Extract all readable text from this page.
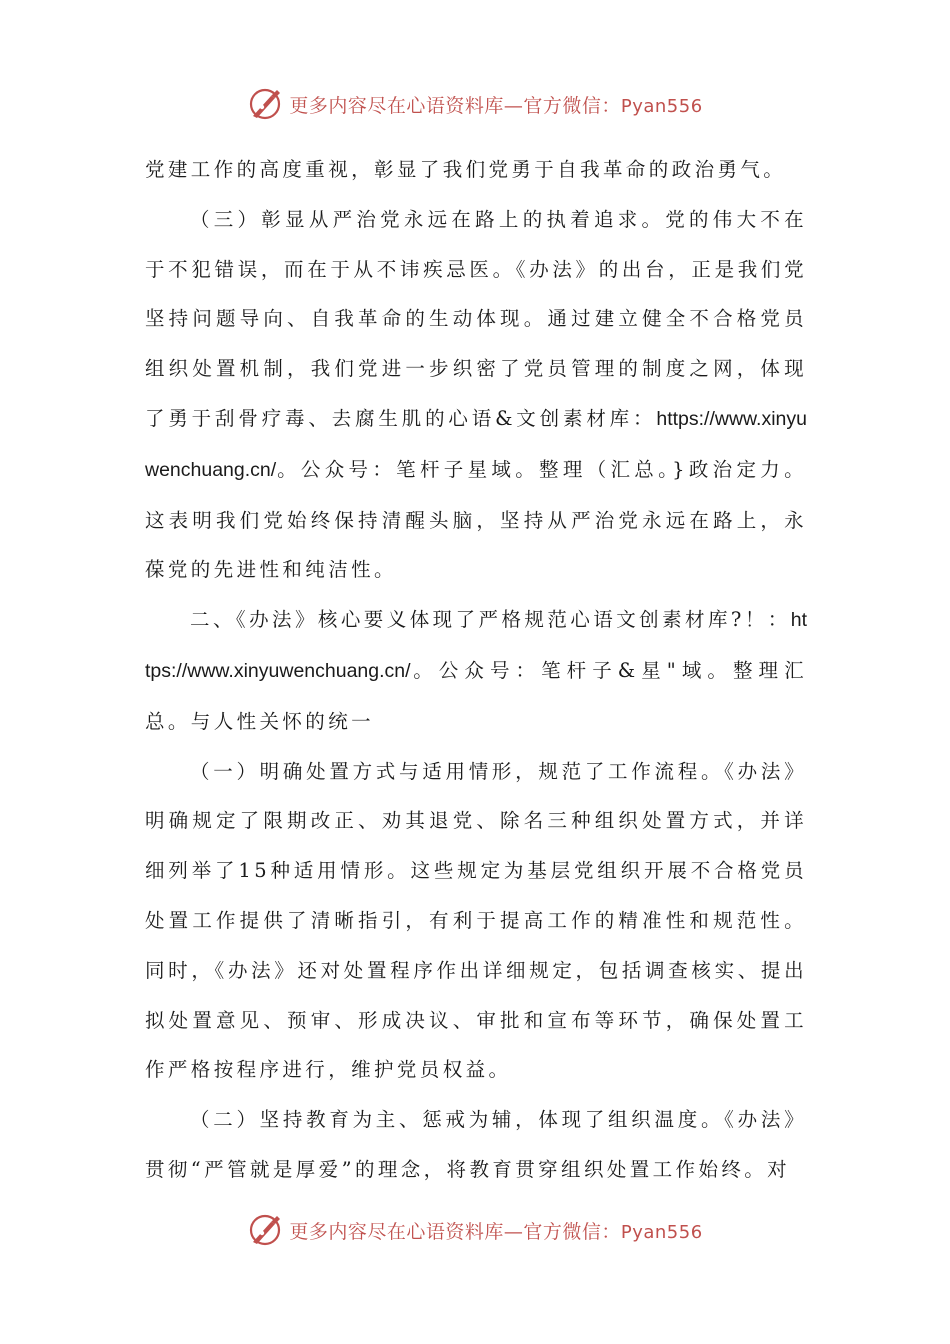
更多内容尽在心语资料库—官方微信：Pyan556

党建工作的高度重视，彰显了我们党勇于自我革命的政治勇气。

（三）彰显从严治党永远在路上的执着追求。党的伟大不在于不犯错误，而在于从不讳疾忌医。《办法》的出台，正是我们党坚持问题导向、自我革命的生动体现。通过建立健全不合格党员组织处置机制，我们党进一步织密了党员管理的制度之网，体现了勇于刮骨疗毒、去腐生肌的心语&文创素材库：https://www.xinyuwenchuang.cn/。公众号：笔杆子星域。整理（汇总。}政治定力。这表明我们党始终保持清醒头脑，坚持从严治党永远在路上，永葆党的先进性和纯洁性。

二、《办法》核心要义体现了严格规范心语文创素材库?！：https://www.xinyuwenchuang.cn/。公众号：笔杆子&星"域。整理汇总。与人性关怀的统一

（一）明确处置方式与适用情形，规范了工作流程。《办法》明确规定了限期改正、劝其退党、除名三种组织处置方式，并详细列举了15种适用情形。这些规定为基层党组织开展不合格党员处置工作提供了清晰指引，有利于提高工作的精准性和规范性。同时，《办法》还对处置程序作出详细规定，包括调查核实、提出拟处置意见、预审、形成决议、审批和宣布等环节，确保处置工作严格按程序进行，维护党员权益。

（二）坚持教育为主、惩戒为辅，体现了组织温度。《办法》贯彻“严管就是厚爱”的理念，将教育贯穿组织处置工作始终。对

更多内容尽在心语资料库—官方微信：Pyan556
